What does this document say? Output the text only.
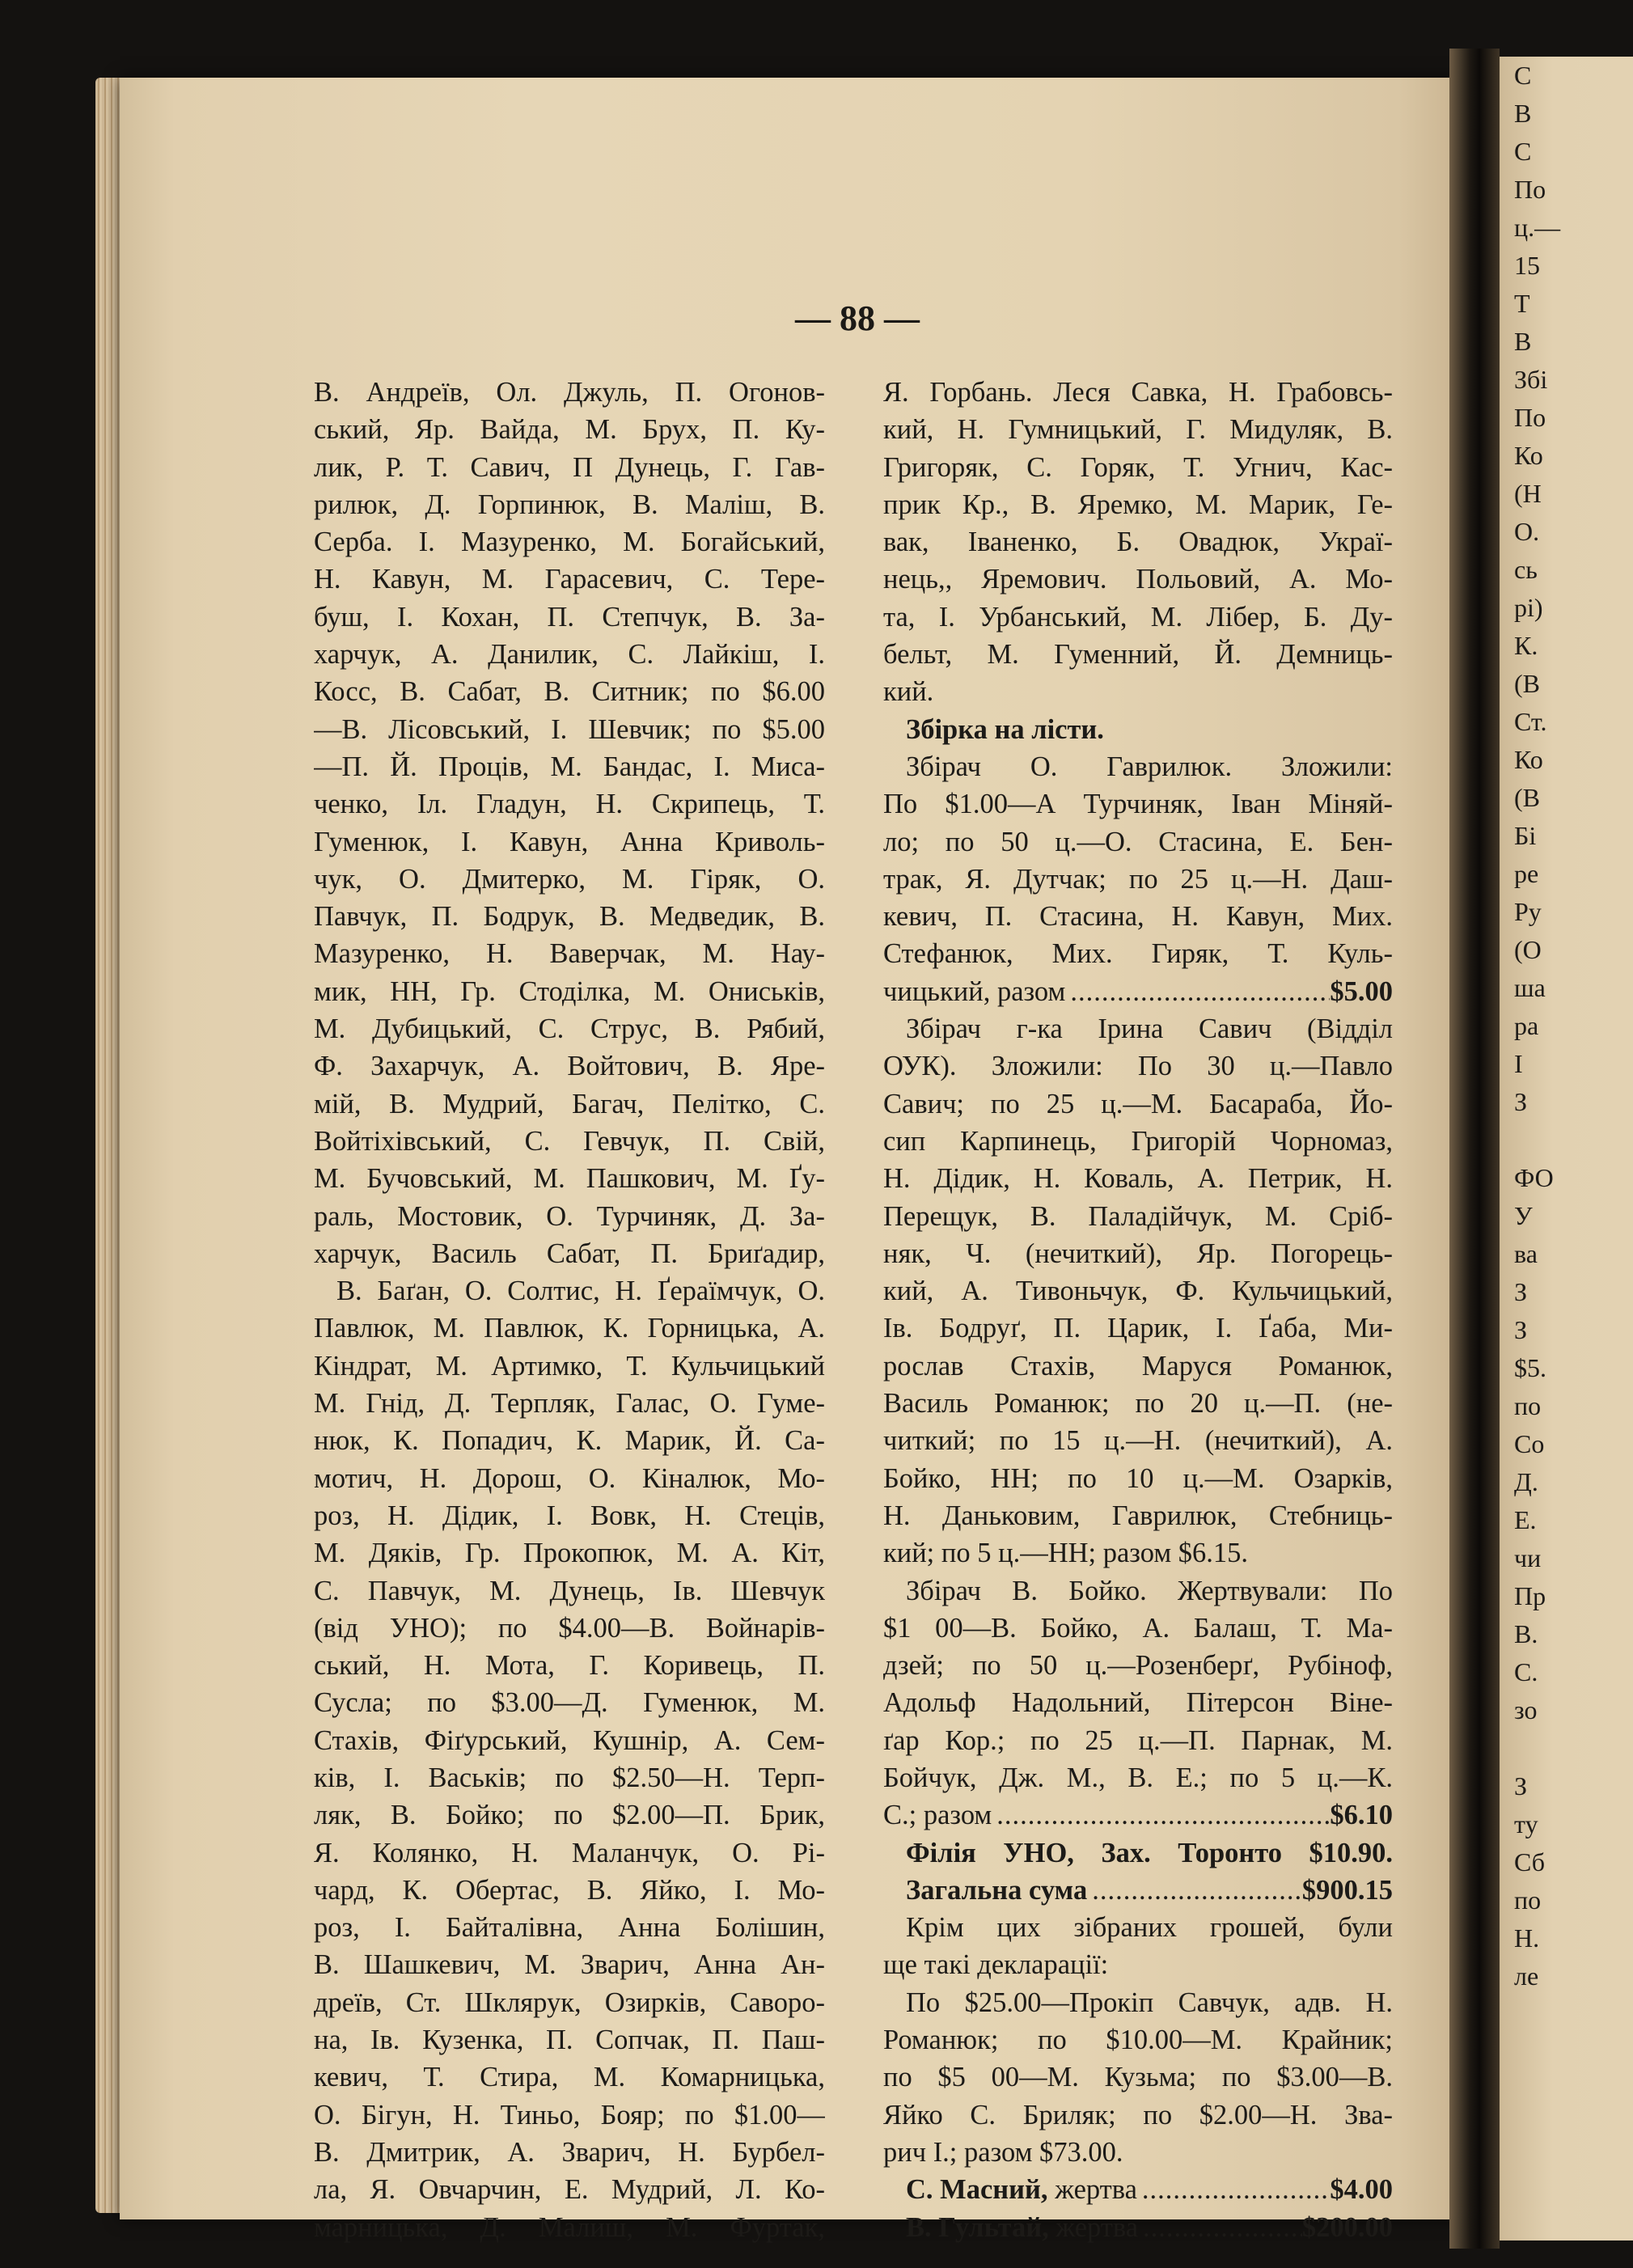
С
В
С
По
ц.—
15
Т
В
Збі
По
Ко
(Н
О.
сь
рі)
К.
(В
Ст.
Ко
(В
Бі
ре
Ру
(О
ша
ра
І
З
ФО
У
ва
З
З
$5.
по
Со
Д.
Е.
чи
Пр
В.
С.
зо
З
ту
Сб
по
Н.
ле
— 88 —
В. Андреїв, Ол. Джуль, П. Огонов-
ський, Яр. Вайда, М. Брух, П. Ку-
лик, Р. Т. Савич, П Дунець, Г. Гав-
рилюк, Д. Горпинюк, В. Маліш, В.
Серба. І. Мазуренко, М. Богайський,
Н. Кавун, М. Гарасевич, С. Тере-
буш, І. Кохан, П. Степчук, В. За-
харчук, А. Данилик, С. Лайкіш, І.
Косс, В. Сабат, В. Ситник; по $6.00
—В. Лісовський, І. Шевчик; по $5.00
—П. Й. Проців, М. Бандас, І. Мисa-
ченко, Іл. Гладун, Н. Скрипець, Т.
Гуменюк, І. Кавун, Анна Криволь-
чук, О. Дмитерко, М. Гіряк, О.
Павчук, П. Бодрук, В. Медведик, В.
Мазуренко, Н. Ваверчак, М. Нау-
мик, НН, Гр. Стоділка, М. Ониськів,
М. Дубицький, С. Струс, В. Рябий,
Ф. Захарчук, А. Войтович, В. Яре-
мій, В. Мудрий, Багач, Пелітко, С.
Войтіхівський, С. Гевчук, П. Свій,
М. Бучовський, М. Пашкович, М. Ґу-
раль, Мостовик, О. Турчиняк, Д. За-
харчук, Василь Сабат, П. Бриґадир,
В. Баґан, О. Солтис, Н. Ґераїмчук, О.
Павлюк, М. Павлюк, К. Горницька, А.
Кіндрат, М. Артимко, Т. Кульчицький
М. Гнід, Д. Терпляк, Галас, О. Гуме-
нюк, К. Попадич, К. Марик, Й. Са-
мотич, Н. Дорош, О. Кіналюк, Мо-
роз, Н. Дідик, І. Вовк, Н. Стеців,
М. Дяків, Гр. Прокопюк, М. А. Кіт,
С. Павчук, М. Дунець, Ів. Шевчук
(від УНО); по $4.00—В. Войнарів-
ський, Н. Мота, Г. Коривець, П.
Сусла; по $3.00—Д. Гуменюк, М.
Стахів, Фіґурський, Кушнір, А. Сем-
ків, І. Васьків; по $2.50—Н. Терп-
ляк, В. Бойко; по $2.00—П. Брик,
Я. Колянко, Н. Маланчук, О. Рі-
чард, К. Обертас, В. Яйко, І. Мо-
роз, І. Байталівна, Анна Болішин,
В. Шашкевич, М. Зварич, Анна Ан-
дреїв, Ст. Шклярук, Озирків, Саворо-
на, Ів. Кузенка, П. Сопчак, П. Паш-
кевич, Т. Стира, М. Комарницька,
О. Бігун, Н. Тиньо, Бояр; по $1.00—
В. Дмитрик, А. Зварич, Н. Бурбел-
ла, Я. Овчарчин, Е. Мудрий, Л. Ко-
марницька, Д. Малиш, М. Фуртак,
Я. Горбань. Леся Савка, Н. Грабовсь-
кий, Н. Гумницький, Г. Мидуляк, В.
Григоряк, С. Горяк, Т. Угнич, Кас-
прик Кр., В. Яремко, М. Марик, Ге-
вак, Іваненко, Б. Овадюк, Украї-
нець,, Яремович. Польовий, А. Мо-
та, І. Урбанський, М. Лібер, Б. Ду-
бельт, М. Гуменний, Й. Демниць-
кий.
Збірка на лісти.
Збірач О. Гаврилюк. Зложили:
По $1.00—А Турчиняк, Іван Міняй-
ло; по 50 ц.—О. Стасина, Е. Бен-
трак, Я. Дутчак; по 25 ц.—Н. Даш-
кевич, П. Стасина, Н. Кавун, Мих.
Стефанюк, Мих. Гиряк, Т. Куль-
чицький, разом .....	$5.00
Збірач г-ка Ірина Савич (Відділ
ОУК). Зложили: По 30 ц.—Павло
Савич; по 25 ц.—М. Басараба, Йо-
сип Карпинець, Григорій Чорномаз,
Н. Дідик, Н. Коваль, А. Петрик, Н.
Перещук, В. Паладійчук, М. Сріб-
няк, Ч. (нечиткий), Яр. Погорець-
кий, А. Тивоньчук, Ф. Кульчицький,
Ів. Бодруґ, П. Царик, І. Ґаба, Ми-
рослав Стахів, Маруся Романюк,
Василь Романюк; по 20 ц.—П. (не-
читкий; по 15 ц.—Н. (нечиткий), А.
Бойко, НН; по 10 ц.—М. Озарків,
Н. Даньковим, Гаврилюк, Стебниць-
кий; по 5 ц.—НН; разом $6.15.
Збірач В. Бойко. Жертвували: По
$1 00—В. Бойко, А. Балаш, Т. Ма-
дзей; по 50 ц.—Розенберґ, Рубіноф,
Адольф Надольний, Пітерсон Віне-
ґар Кор.; по 25 ц.—П. Парнак, М.
Бойчук, Дж. М., В. Е.; по 5 ц.—К.
С.; разом .....	$6.10
Філія УНО, Зах. Торонто $10.90.
Загальна сума .....	$900.15
Крім цих зібраних грошей, були
ще такі декларації:
По $25.00—Прокіп Савчук, адв. Н.
Романюк; по $10.00—М. Крайник;
по $5 00—М. Кузьма; по $3.00—В.
Яйко С. Бриляк; по $2.00—Н. Зва-
рич І.; разом $73.00.
С. Масний, жертва .....	$4.00
В. Гультай, жертва .....	$200.00
